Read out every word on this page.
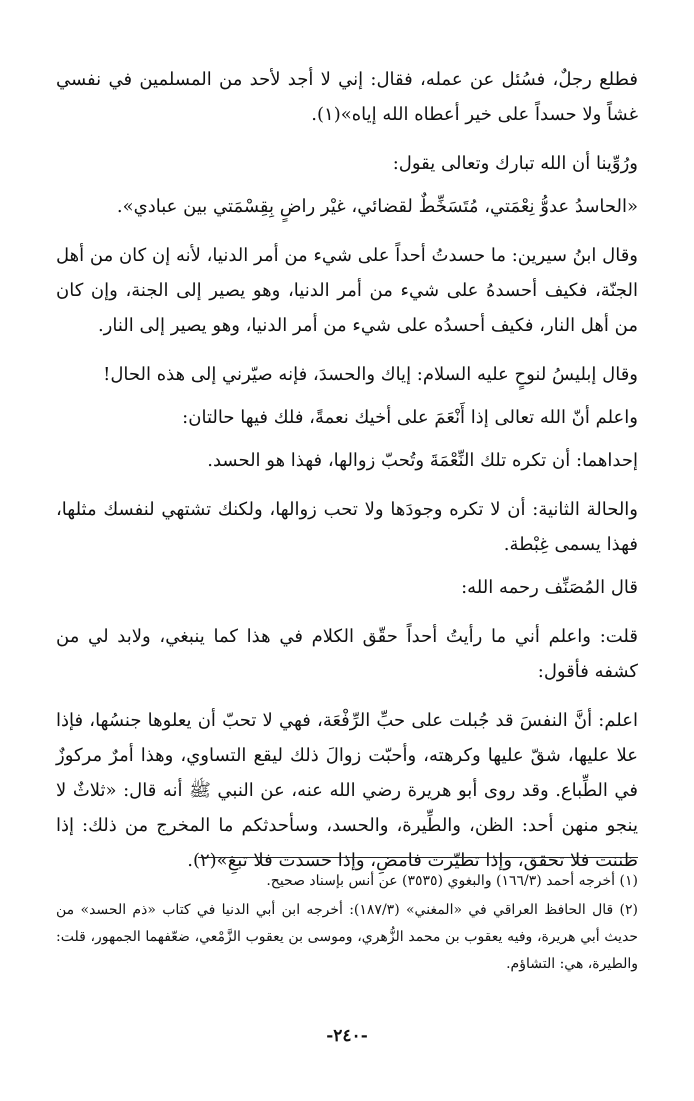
فطلع رجلٌ، فسُئل عن عمله، فقال: إني لا أجد لأحد من المسلمين في نفسي غشاً ولا حسداً على خير أعطاه الله إياه»(١).

ورُوِّينا أن الله تبارك وتعالى يقول:

«الحاسدُ عدوُّ نِعْمَتي، مُتَسَخِّطٌ لقضائي، غيْر راضٍ بِقِسْمَتي بين عبادي».

وقال ابنُ سيرين: ما حسدتُ أحداً على شيء من أمر الدنيا، لأنه إن كان من أهل الجنّة، فكيف أحسدهُ على شيء من أمر الدنيا، وهو يصير إلى الجنة، وإن كان من أهل النار، فكيف أحسدُه على شيء من أمر الدنيا، وهو يصير إلى النار.

وقال إبليسُ لنوحٍ عليه السلام: إياك والحسدَ، فإنه صيّرني إلى هذه الحال!

واعلم أنّ الله تعالى إذا أَنْعَمَ على أخيك نعمةً، فلك فيها حالتان:

إحداهما: أن تكره تلك النِّعْمَةَ وتُحبّ زوالها، فهذا هو الحسد.

والحالة الثانية: أن لا تكره وجودَها ولا تحب زوالها، ولكنك تشتهي لنفسك مثلها، فهذا يسمى غِبْطة.

قال المُصَنِّف رحمه الله:

قلت: واعلم أني ما رأيتُ أحداً حقّق الكلام في هذا كما ينبغي، ولابد لي من كشفه فأقول:

اعلم: أنَّ النفسَ قد جُبلت على حبِّ الرِّفْعَة، فهي لا تحبّ أن يعلوها جنسُها، فإذا علا عليها، شقّ عليها وكرهته، وأحبّت زوالَ ذلك ليقع التساوي، وهذا أمرٌ مركوزٌ في الطِّباع. وقد روى أبو هريرة رضي الله عنه، عن النبي ﷺ أنه قال: «ثلاثٌ لا ينجو منهن أحد: الظن، والطِّيرة، والحسد، وسأحدثكم ما المخرج من ذلك: إذا ظننت فلا تحقق، وإذا تطيّرت فامضِ، وإذا حسدت فلا تبغِ»(٢).

(١) أخرجه أحمد (١٦٦/٣) والبغوي (٣٥٣٥) عن أنس بإسناد صحيح.

(٢) قال الحافظ العراقي في «المغني» (١٨٧/٣): أخرجه ابن أبي الدنيا في كتاب «ذم الحسد» من حديث أبي هريرة، وفيه يعقوب بن محمد الزُّهري، وموسى بن يعقوب الزَّمْعي، ضعّفهما الجمهور، قلت: والطيرة، هي: التشاؤم.

-٢٤٠-
